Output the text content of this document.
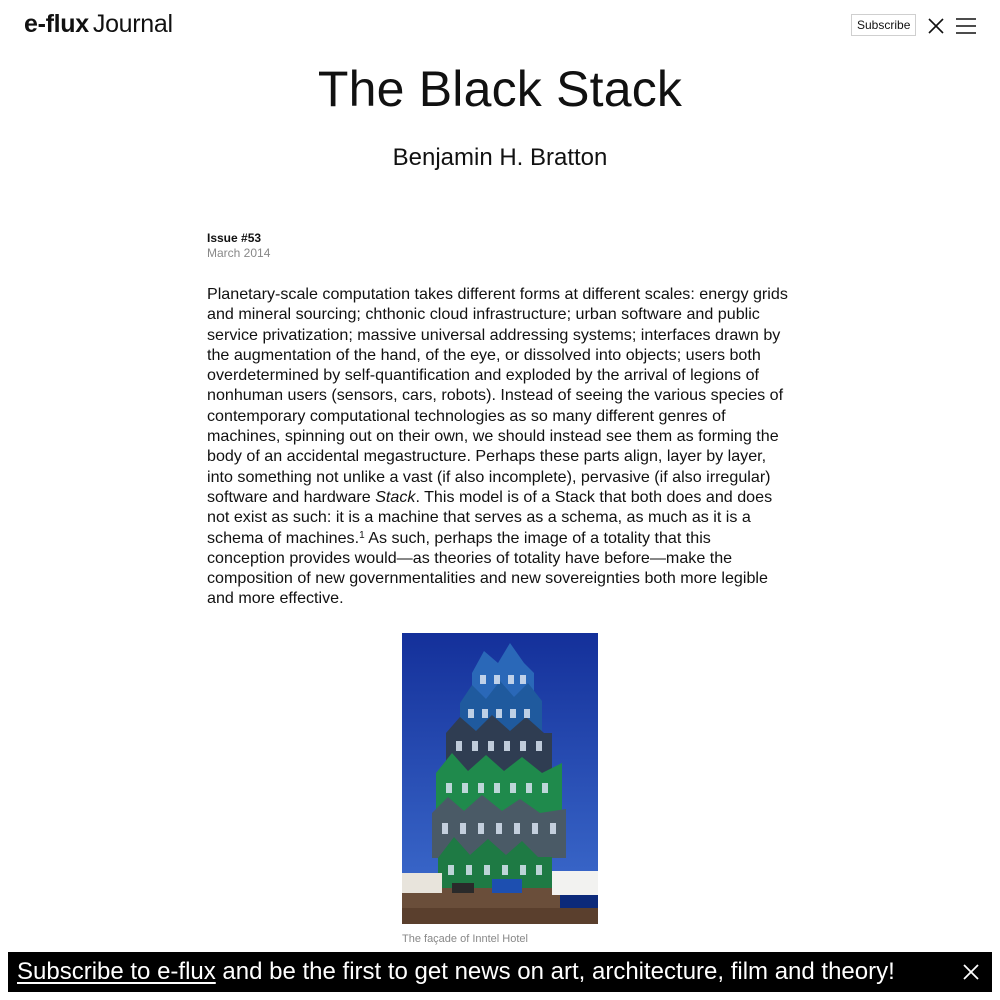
e-flux Journal	Subscribe
The Black Stack
Benjamin H. Bratton
Issue #53
March 2014

Planetary-scale computation takes different forms at different scales: energy grids and mineral sourcing; chthonic cloud infrastructure; urban software and public service privatization; massive universal addressing systems; interfaces drawn by the augmentation of the hand, of the eye, or dissolved into objects; users both overdetermined by self-quantification and exploded by the arrival of legions of nonhuman users (sensors, cars, robots). Instead of seeing the various species of contemporary computational technologies as so many different genres of machines, spinning out on their own, we should instead see them as forming the body of an accidental megastructure. Perhaps these parts align, layer by layer, into something not unlike a vast (if also incomplete), pervasive (if also irregular) software and hardware Stack. This model is of a Stack that both does and does not exist as such: it is a machine that serves as a schema, as much as it is a schema of machines.$^1$ As such, perhaps the image of a totality that this conception provides would—as theories of totality have before—make the composition of new governmentalities and new sovereignties both more legible and more effective.

The façade of Inntel Hotel
Subscribe to e-flux and be the first to get news on art, architecture, film and theory!
